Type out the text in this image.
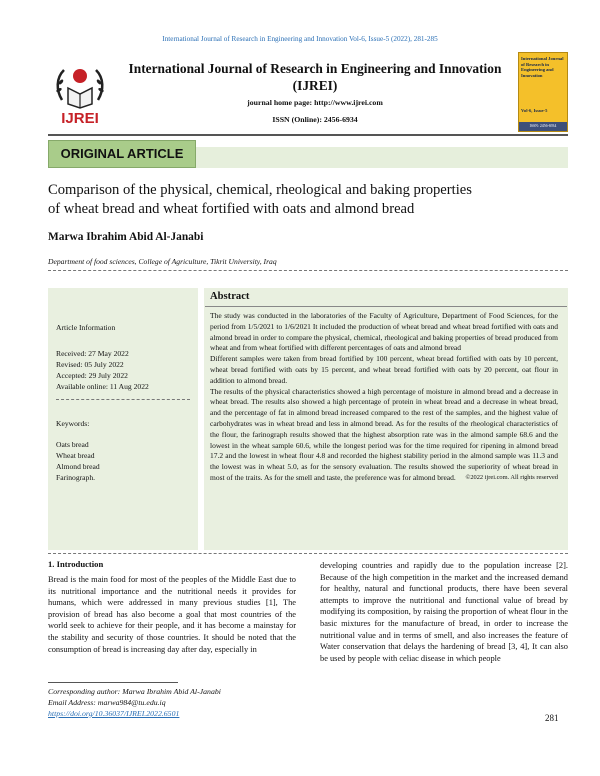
International Journal of Research in Engineering and Innovation Vol-6, Issue-5 (2022), 281-285
IJREI
International Journal of Research in Engineering and Innovation
(IJREI)
journal home page: http://www.ijrei.com
ISSN (Online): 2456-6934
International Journal of Research in Engineering and Innovation
Vol-6, Issue-5
ISSN: 2456-6934
ORIGINAL ARTICLE
Comparison of the physical, chemical, rheological and baking properties
of wheat bread and wheat fortified with oats and almond bread
Marwa Ibrahim Abid Al-Janabi
Department of food sciences, College of Agriculture, Tikrit University, Iraq
Article Information
Received: 27 May 2022
Revised: 05 July 2022
Accepted: 29 July 2022
Available online: 11 Aug 2022
Keywords:
Oats bread
Wheat bread
Almond bread
Farinograph.
Abstract

The study was conducted in the laboratories of the Faculty of Agriculture, Department of Food Sciences, for the period from 1/5/2021 to 1/6/2021 It included the production of wheat bread and wheat bread fortified with oats and almond bread in order to compare the physical, chemical, rheological and baking properties of bread produced from wheat and from wheat fortified with different percentages of oats and almond bread

Different samples were taken from bread fortified by 100 percent, wheat bread fortified with oats by 10 percent, wheat bread fortified with oats by 15 percent, and wheat bread fortified with oats by 20 percent, oat flour in addition to almond bread.

The results of the physical characteristics showed a high percentage of moisture in almond bread and a decrease in wheat bread. The results also showed a high percentage of protein in wheat bread and a decrease in wheat bread, and the percentage of fat in almond bread increased compared to the rest of the samples, and the highest value of carbohydrates was in wheat bread and less in almond bread. As for the results of the rheological characteristics of the flour, the farinograph results showed that the highest absorption rate was in the almond sample 68.6 and the lowest in the wheat sample 60.6, while the longest period was for the time required for ripening in almond bread 17.2 and the lowest in wheat flour 4.8 and recorded the highest stability period in the almond sample was 11.3 and the lowest was in wheat 5.0, as for the sensory evaluation. The results showed the superiority of wheat bread in most of the traits. As for the smell and taste, the preference was for almond bread. ©2022 ijrei.com. All rights reserved

1. Introduction
Bread is the main food for most of the peoples of the Middle East due to its nutritional importance and the nutritional needs it provides for humans, which were addressed in many previous studies [1], The provision of bread has also become a goal that most countries of the world seek to achieve for their people, and it has become a mainstay for the stability and security of those countries. It should be noted that the consumption of bread is increasing day after day, especially in
developing countries and rapidly due to the population increase [2]. Because of the high competition in the market and the increased demand for healthy, natural and functional products, there have been several attempts to improve the nutritional and functional value of bread by modifying its composition, by raising the proportion of wheat flour in the basic mixtures for the manufacture of bread, in order to increase the nutritional value and in terms of smell, and also increases the feature of Water conservation that delays the hardening of bread [3, 4], It can also be used by people with celiac disease in which people
Corresponding author: Marwa Ibrahim Abid Al-Janabi
Email Address: marwa984@tu.edu.iq
https://doi.org/10.36037/IJREI.2022.6501	281
